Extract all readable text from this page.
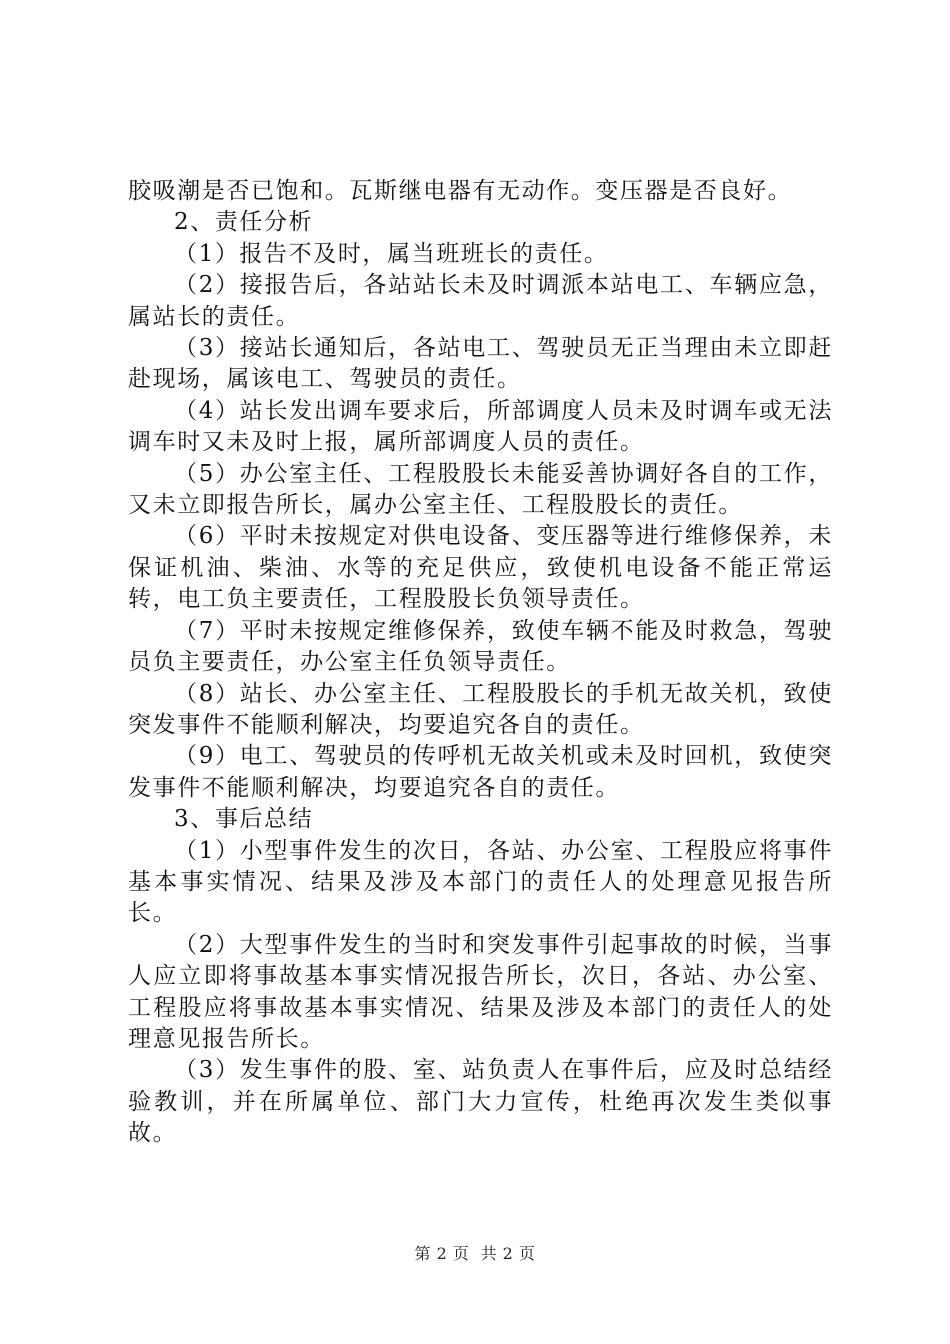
胶吸潮是否已饱和。瓦斯继电器有无动作。变压器是否良好。

2、责任分析

（1）报告不及时，属当班班长的责任。

（2）接报告后，各站站长未及时调派本站电工、车辆应急，属站长的责任。

（3）接站长通知后，各站电工、驾驶员无正当理由未立即赶赴现场，属该电工、驾驶员的责任。

（4）站长发出调车要求后，所部调度人员未及时调车或无法调车时又未及时上报，属所部调度人员的责任。

（5）办公室主任、工程股股长未能妥善协调好各自的工作，又未立即报告所长，属办公室主任、工程股股长的责任。

（6）平时未按规定对供电设备、变压器等进行维修保养，未保证机油、柴油、水等的充足供应，致使机电设备不能正常运转，电工负主要责任，工程股股长负领导责任。

（7）平时未按规定维修保养，致使车辆不能及时救急，驾驶员负主要责任，办公室主任负领导责任。

（8）站长、办公室主任、工程股股长的手机无故关机，致使突发事件不能顺利解决，均要追究各自的责任。

（9）电工、驾驶员的传呼机无故关机或未及时回机，致使突发事件不能顺利解决，均要追究各自的责任。

3、事后总结

（1）小型事件发生的次日，各站、办公室、工程股应将事件基本事实情况、结果及涉及本部门的责任人的处理意见报告所长。

（2）大型事件发生的当时和突发事件引起事故的时候，当事人应立即将事故基本事实情况报告所长，次日，各站、办公室、工程股应将事故基本事实情况、结果及涉及本部门的责任人的处理意见报告所长。

（3）发生事件的股、室、站负责人在事件后，应及时总结经验教训，并在所属单位、部门大力宣传，杜绝再次发生类似事故。

第 2 页  共 2 页
